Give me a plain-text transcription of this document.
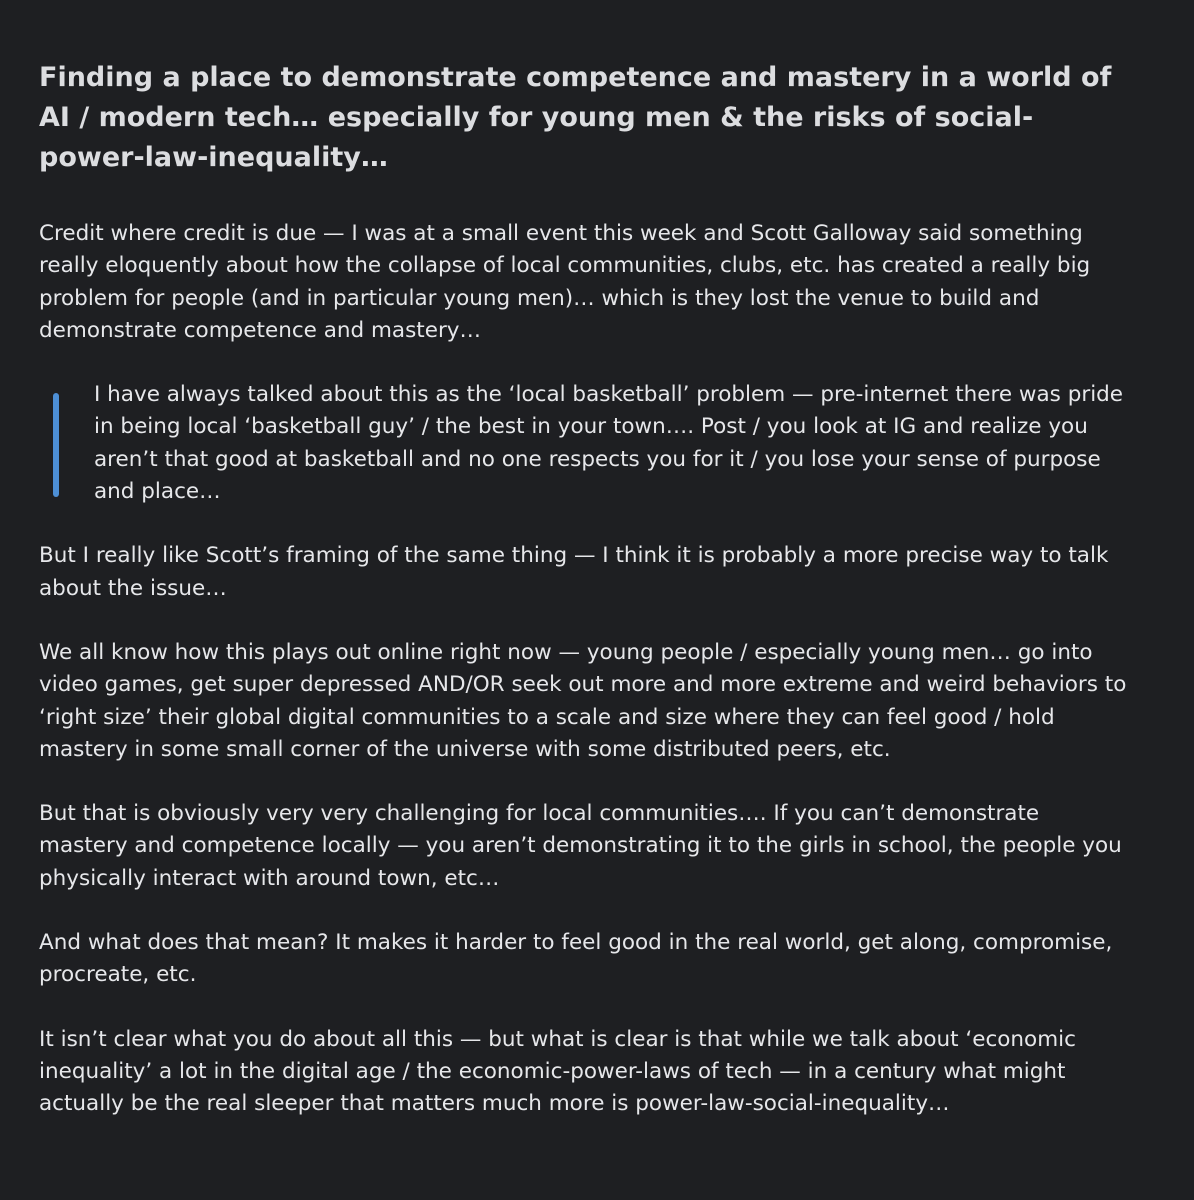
Finding a place to demonstrate competence and mastery in a world of AI / modern tech… especially for young men & the risks of social-power-law-inequality…

Credit where credit is due — I was at a small event this week and Scott Galloway said something really eloquently about how the collapse of local communities, clubs, etc. has created a really big problem for people (and in particular young men)… which is they lost the venue to build and demonstrate competence and mastery…

I have always talked about this as the ‘local basketball’ problem — pre-internet there was pride in being local ‘basketball guy’ / the best in your town…. Post / you look at IG and realize you aren’t that good at basketball and no one respects you for it / you lose your sense of purpose and place…

But I really like Scott’s framing of the same thing — I think it is probably a more precise way to talk about the issue…

We all know how this plays out online right now — young people / especially young men… go into video games, get super depressed AND/OR seek out more and more extreme and weird behaviors to ‘right size’ their global digital communities to a scale and size where they can feel good / hold mastery in some small corner of the universe with some distributed peers, etc.

But that is obviously very very challenging for local communities…. If you can’t demonstrate mastery and competence locally — you aren’t demonstrating it to the girls in school, the people you physically interact with around town, etc…

And what does that mean? It makes it harder to feel good in the real world, get along, compromise, procreate, etc.

It isn’t clear what you do about all this — but what is clear is that while we talk about ‘economic inequality’ a lot in the digital age / the economic-power-laws of tech — in a century what might actually be the real sleeper that matters much more is power-law-social-inequality…
